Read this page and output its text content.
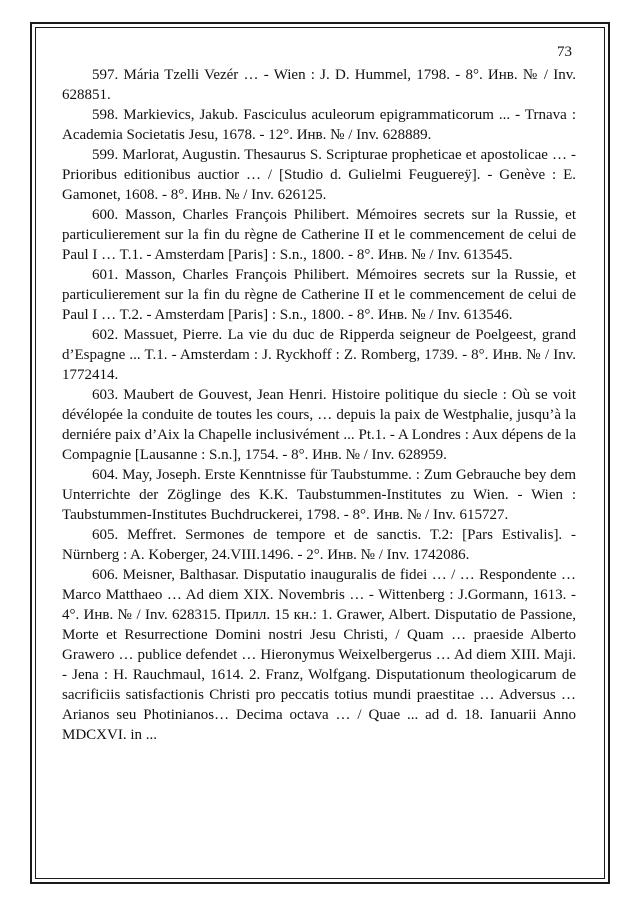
73

597. Mária Tzelli Vezér … - Wien : J. D. Hummel, 1798. - 8°. Инв. № / Inv. 628851.

598. Markievics, Jakub. Fasciculus aculeorum epigrammaticorum ... - Trnava : Academia Societatis Jesu, 1678. - 12°. Инв. № / Inv. 628889.

599. Marlorat, Augustin. Thesaurus S. Scripturae propheticae et apostolicae … - Prioribus editionibus auctior … / [Studio d. Gulielmi Feuguereÿ]. - Genève : E. Gamonet, 1608. - 8°. Инв. № / Inv. 626125.

600. Masson, Charles François Philibert. Mémoires secrets sur la Russie, et particulierement sur la fin du règne de Catherine II et le commencement de celui de Paul I … T.1. - Amsterdam [Paris] : S.n., 1800. - 8°. Инв. № / Inv. 613545.

601. Masson, Charles François Philibert. Mémoires secrets sur la Russie, et particulierement sur la fin du règne de Catherine II et le commencement de celui de Paul I … T.2. - Amsterdam [Paris] : S.n., 1800. - 8°. Инв. № / Inv. 613546.

602. Massuet, Pierre. La vie du duc de Ripperda seigneur de Poelgeest, grand d’Espagne ... T.1. - Amsterdam : J. Ryckhoff : Z. Romberg, 1739. - 8°. Инв. № / Inv. 1772414.

603. Maubert de Gouvest, Jean Henri. Histoire politique du siecle : Où se voit dévélopée la conduite de toutes les cours, … depuis la paix de Westphalie, jusqu’à la derniére paix d’Aix la Chapelle inclusivément ... Pt.1. - A Londres : Aux dépens de la Compagnie [Lausanne : S.n.], 1754. - 8°. Инв. № / Inv. 628959.

604. May, Joseph. Erste Kenntnisse für Taubstumme. : Zum Gebrauche bey dem Unterrichte der Zöglinge des K.K. Taubstummen-Institutes zu Wien. - Wien : Taubstummen-Institutes Buchdruckerei, 1798. - 8°. Инв. № / Inv. 615727.

605. Meffret. Sermones de tempore et de sanctis. T.2: [Pars Estivalis]. - Nürnberg : A. Koberger, 24.VIII.1496. - 2°. Инв. № / Inv. 1742086.

606. Meisner, Balthasar. Disputatio inauguralis de fidei … / … Respondente … Marco Matthaeo … Ad diem XIX. Novembris … - Wittenberg : J.Gormann, 1613. - 4°. Инв. № / Inv. 628315. Прилл. 15 кн.: 1. Grawer, Albert. Disputatio de Passione, Morte et Resurrectione Domini nostri Jesu Christi, / Quam … praeside Alberto Grawero … publice defendet … Hieronymus Weixelbergerus … Ad diem XIII. Maji. - Jena : H. Rauchmaul, 1614. 2. Franz, Wolfgang. Disputationum theologicarum de sacrificiis satisfactionis Christi pro peccatis totius mundi praestitae … Adversus … Arianos seu Photinianos… Decima octava … / Quae ... ad d. 18. Ianuarii Anno MDCXVI. in ...
